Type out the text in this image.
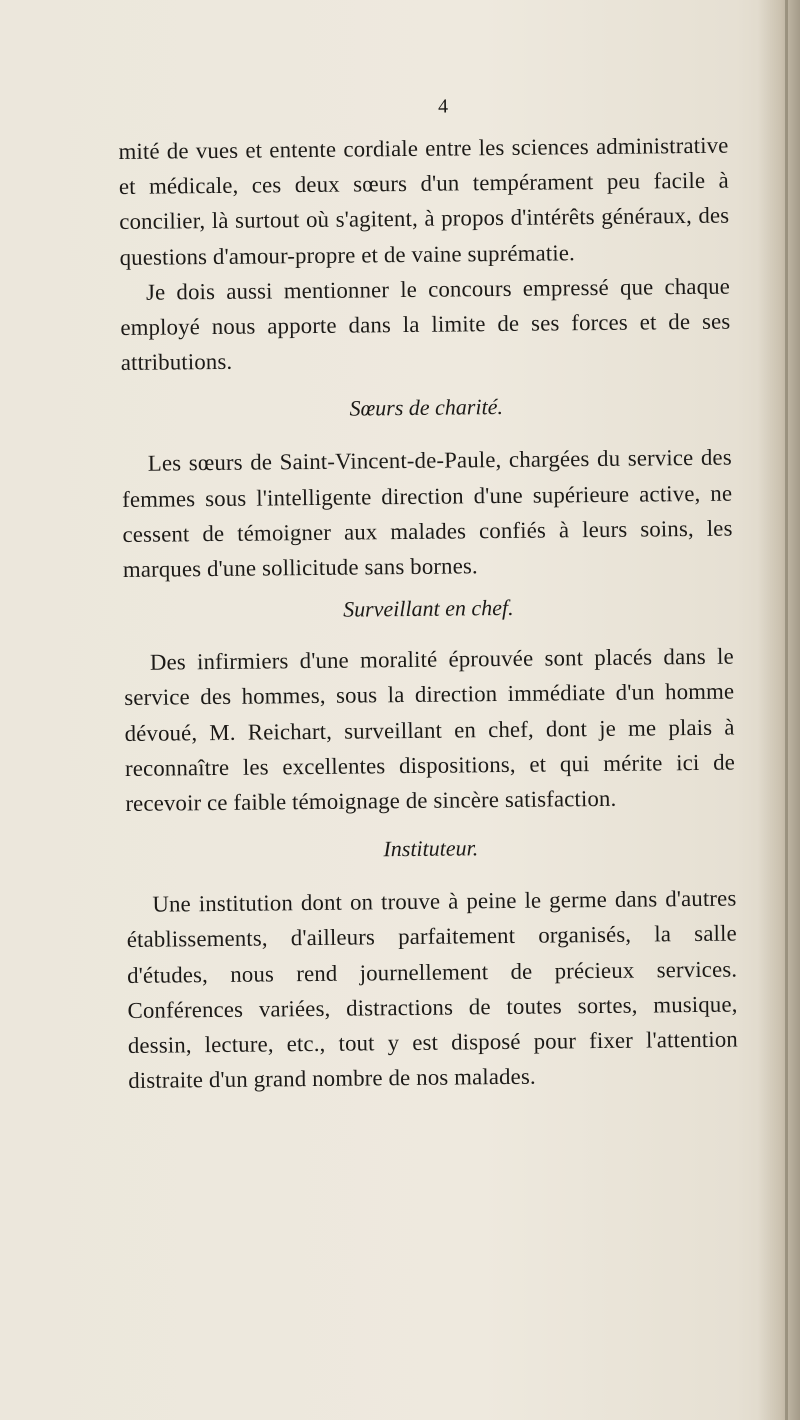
4

mité de vues et entente cordiale entre les sciences administrative et médicale, ces deux sœurs d'un tempérament peu facile à concilier, là surtout où s'agitent, à propos d'intérêts généraux, des questions d'amour-propre et de vaine suprématie.

Je dois aussi mentionner le concours empressé que chaque employé nous apporte dans la limite de ses forces et de ses attributions.

Sœurs de charité.

Les sœurs de Saint-Vincent-de-Paule, chargées du service des femmes sous l'intelligente direction d'une supérieure active, ne cessent de témoigner aux malades confiés à leurs soins, les marques d'une sollicitude sans bornes.

Surveillant en chef.

Des infirmiers d'une moralité éprouvée sont placés dans le service des hommes, sous la direction immédiate d'un homme dévoué, M. Reichart, surveillant en chef, dont je me plais à reconnaître les excellentes dispositions, et qui mérite ici de recevoir ce faible témoignage de sincère satisfaction.

Instituteur.

Une institution dont on trouve à peine le germe dans d'autres établissements, d'ailleurs parfaitement organisés, la salle d'études, nous rend journellement de précieux services. Conférences variées, distractions de toutes sortes, musique, dessin, lecture, etc., tout y est disposé pour fixer l'attention distraite d'un grand nombre de nos malades.
